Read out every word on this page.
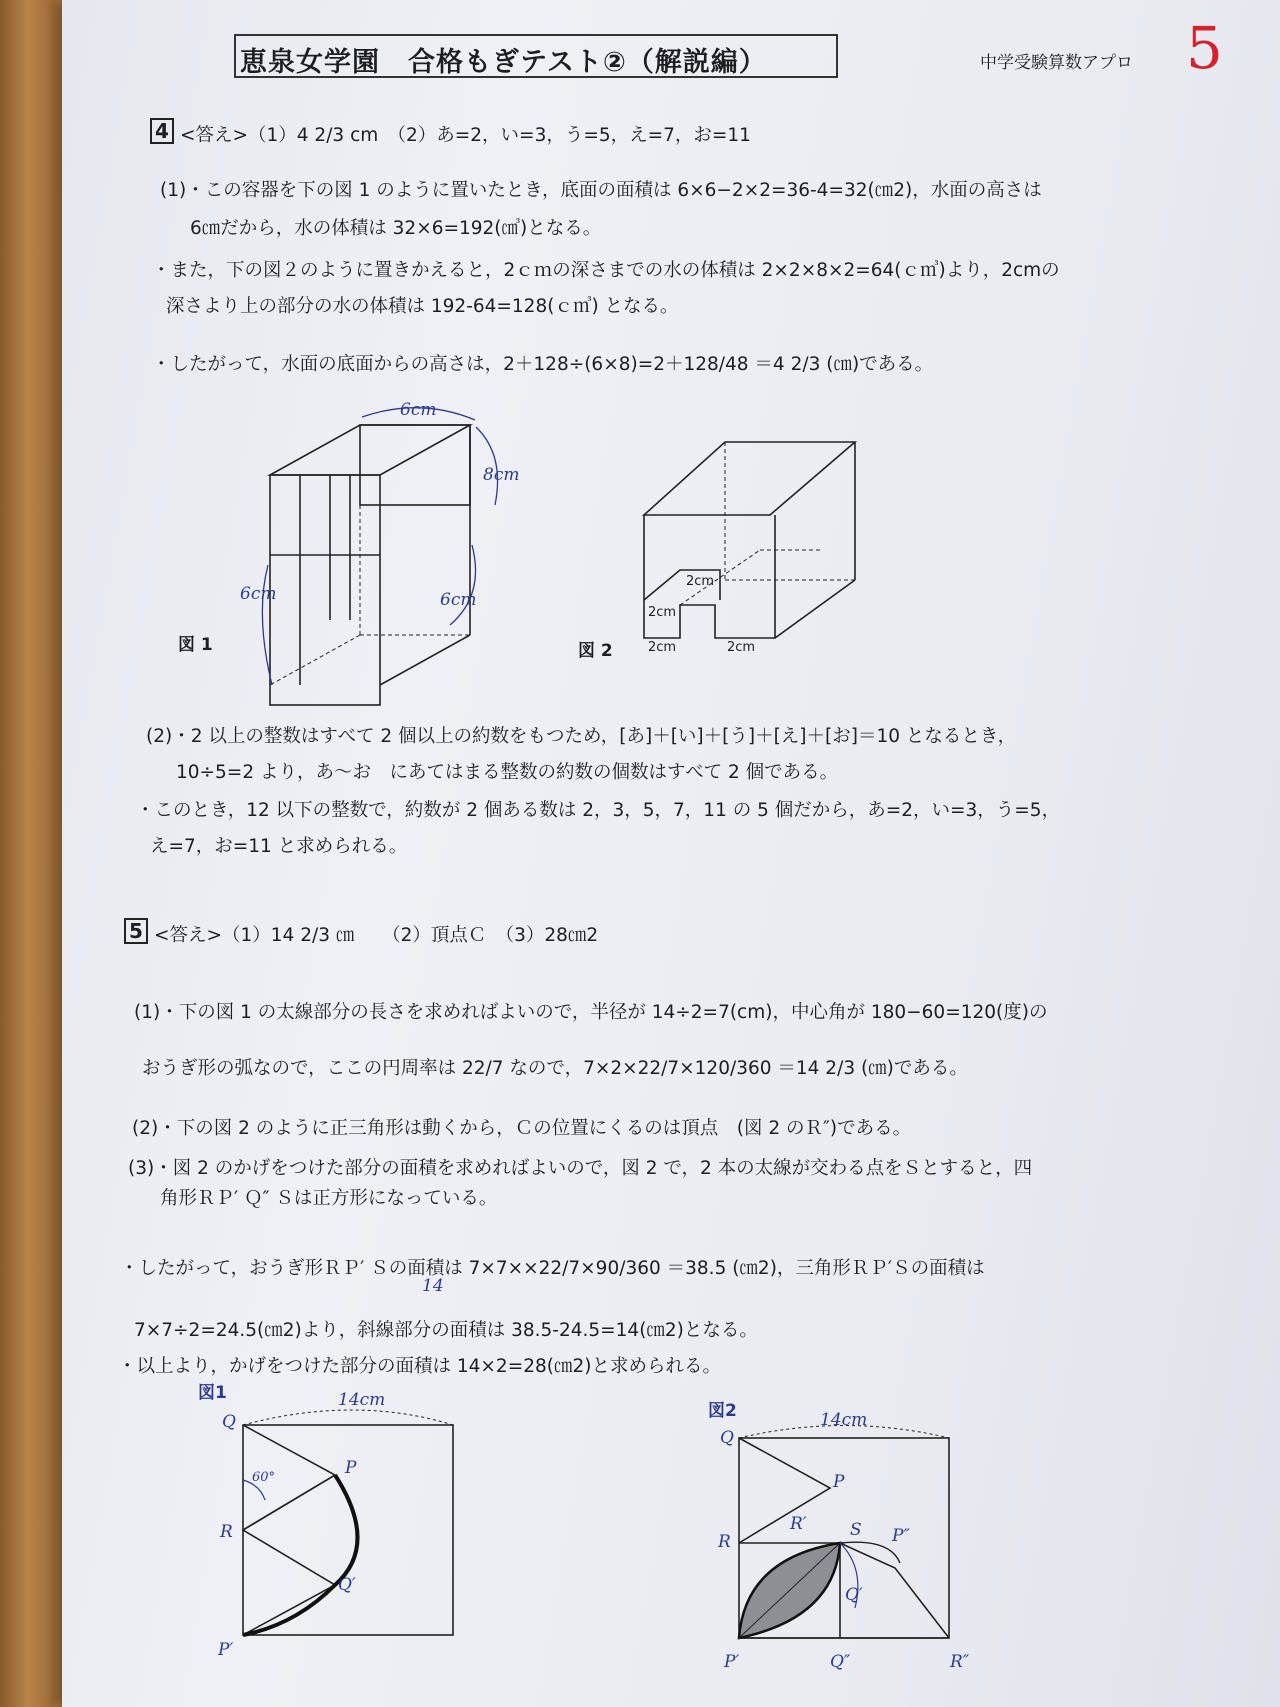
恵泉女学園　合格もぎテスト②（解説編）	中学受験算数アプロ 5
4 <答え>（1）4 2/3 cm　（2）あ=2，い=3，う=5，え=7，お=11
(1)・この容器を下の図 1 のように置いたとき，底面の面積は 6×6−2×2=36-4=32(㎝2)，水面の高さは
6㎝だから，水の体積は 32×6=192(㎤)となる。
・また，下の図２のように置きかえると，2ｃｍの深さまでの水の体積は 2×2×8×2=64(ｃ㎥)より，2cmの
深さより上の部分の水の体積は 192-64=128(ｃ㎥) となる。
・したがって，水面の底面からの高さは，2＋128÷(6×8)=2＋128/48 ＝4 2/3 (㎝)である。
6cm
8cm
6cm	6cm
図 1
2cm
2cm
2cm	2cm
図 2
(2)・2 以上の整数はすべて 2 個以上の約数をもつため，[あ]＋[い]＋[う]＋[え]＋[お]＝10 となるとき，
10÷5=2 より，あ～お　にあてはまる整数の約数の個数はすべて 2 個である。
・このとき，12 以下の整数で，約数が 2 個ある数は 2，3，5，7，11 の 5 個だから，あ=2，い=3，う=5，
え=7，お=11 と求められる。
5 <答え>（1）14 2/3 ㎝　　（2）頂点Ｃ　（3）28㎝2
(1)・下の図 1 の太線部分の長さを求めればよいので，半径が 14÷2=7(cm)，中心角が 180−60=120(度)の
おうぎ形の弧なので，ここの円周率は 22/7 なので，7×2×22/7×120/360 ＝14 2/3 (㎝)である。
(2)・下の図 2 のように正三角形は動くから，Ｃの位置にくるのは頂点　(図 2 のＲ″)である。
(3)・図 2 のかげをつけた部分の面積を求めればよいので，図 2 で，2 本の太線が交わる点をＳとすると，四
角形ＲＰ′ Ｑ″ Ｓは正方形になっている。
・したがって，おうぎ形ＲＰ′ Ｓの面積は 7×7××22/7×90/360 ＝38.5 (㎝2)，三角形ＲＰ′Ｓの面積は
14
7×7÷2=24.5(㎝2)より，斜線部分の面積は 38.5-24.5=14(㎝2)となる。
・以上より，かげをつけた部分の面積は 14×2=28(㎝2)と求められる。
図1	14cm
Q
P
R
Q′
P′
60°
図2	14cm
Q
P
R
R′	S P″
Q′
P′	Q″	R″
